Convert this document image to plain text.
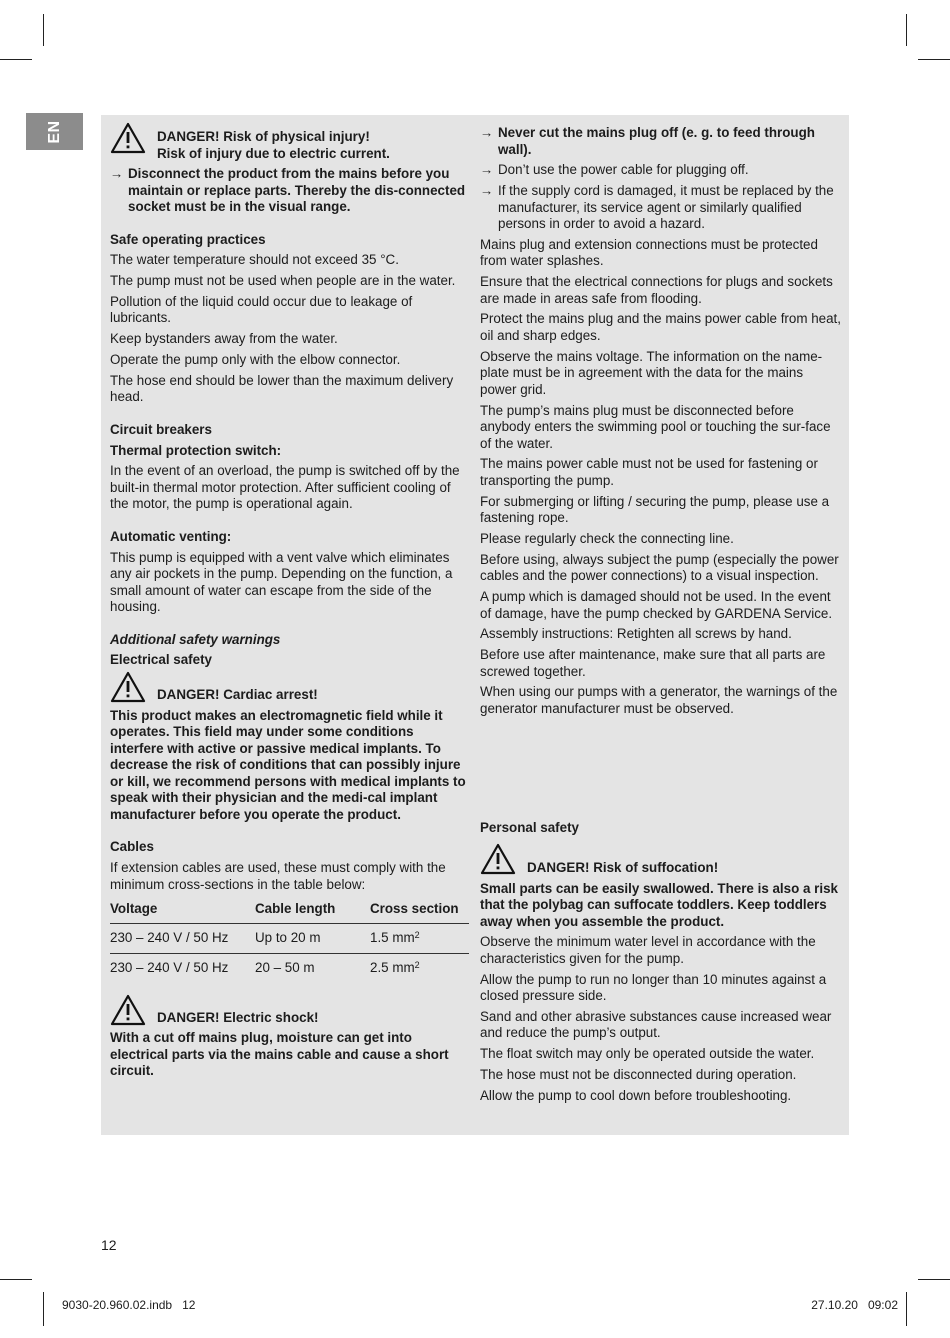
EN	DANGER! Risk of physical injury!
Risk of injury due to electric current.
→ Disconnect the product from the mains before you maintain or replace parts. Thereby the dis-connected socket must be in the visual range.
Safe operating practices

The water temperature should not exceed 35 °C.

The pump must not be used when people are in the water.

Pollution of the liquid could occur due to leakage of lubricants.

Keep bystanders away from the water.

Operate the pump only with the elbow connector.

The hose end should be lower than the maximum delivery head.

Circuit breakers
Thermal protection switch:

In the event of an overload, the pump is switched off by the built-in thermal motor protection. After sufficient cooling of the motor, the pump is operational again.

Automatic venting:

This pump is equipped with a vent valve which eliminates any air pockets in the pump. Depending on the function, a small amount of water can escape from the side of the housing.

Additional safety warnings
Electrical safety
DANGER! Cardiac arrest!

This product makes an electromagnetic field while it operates. This field may under some conditions interfere with active or passive medical implants. To decrease the risk of conditions that can possibly injure or kill, we recommend persons with medical implants to speak with their physician and the medi-cal implant manufacturer before you operate the product.

Cables

If extension cables are used, these must comply with the minimum cross-sections in the table below:

Voltage	Cable length	Cross section
230 – 240 V / 50 Hz	Up to 20 m	1.5 $mm^2$
230 – 240 V / 50 Hz	20 – 50 m	2.5 $mm^2$
DANGER! Electric shock!

With a cut off mains plug, moisture can get into electrical parts via the mains cable and cause a short circuit.

→ Never cut the mains plug off (e. g. to feed through wall).
→ Don’t use the power cable for plugging off.
→ If the supply cord is damaged, it must be replaced by the manufacturer, its service agent or similarly qualified persons in order to avoid a hazard.

Mains plug and extension connections must be protected from water splashes.

Ensure that the electrical connections for plugs and sockets are made in areas safe from flooding.

Protect the mains plug and the mains power cable from heat, oil and sharp edges.

Observe the mains voltage. The information on the name-plate must be in agreement with the data for the mains power grid.

The pump’s mains plug must be disconnected before anybody enters the swimming pool or touching the sur-face of the water.

The mains power cable must not be used for fastening or transporting the pump.

For submerging or lifting / securing the pump, please use a fastening rope.

Please regularly check the connecting line.

Before using, always subject the pump (especially the power cables and the power connections) to a visual inspection.

A pump which is damaged should not be used. In the event of damage, have the pump checked by GARDENA Service.

Assembly instructions: Retighten all screws by hand.

Before use after maintenance, make sure that all parts are screwed together.

When using our pumps with a generator, the warnings of the generator manufacturer must be observed.

Personal safety
DANGER! Risk of suffocation!

Small parts can be easily swallowed. There is also a risk that the polybag can suffocate toddlers. Keep toddlers away when you assemble the product.

Observe the minimum water level in accordance with the characteristics given for the pump.

Allow the pump to run no longer than 10 minutes against a closed pressure side.

Sand and other abrasive substances cause increased wear and reduce the pump’s output.

The float switch may only be operated outside the water.

The hose must not be disconnected during operation.

Allow the pump to cool down before troubleshooting.

12
9030-20.960.02.indb   12	27.10.20   09:02
